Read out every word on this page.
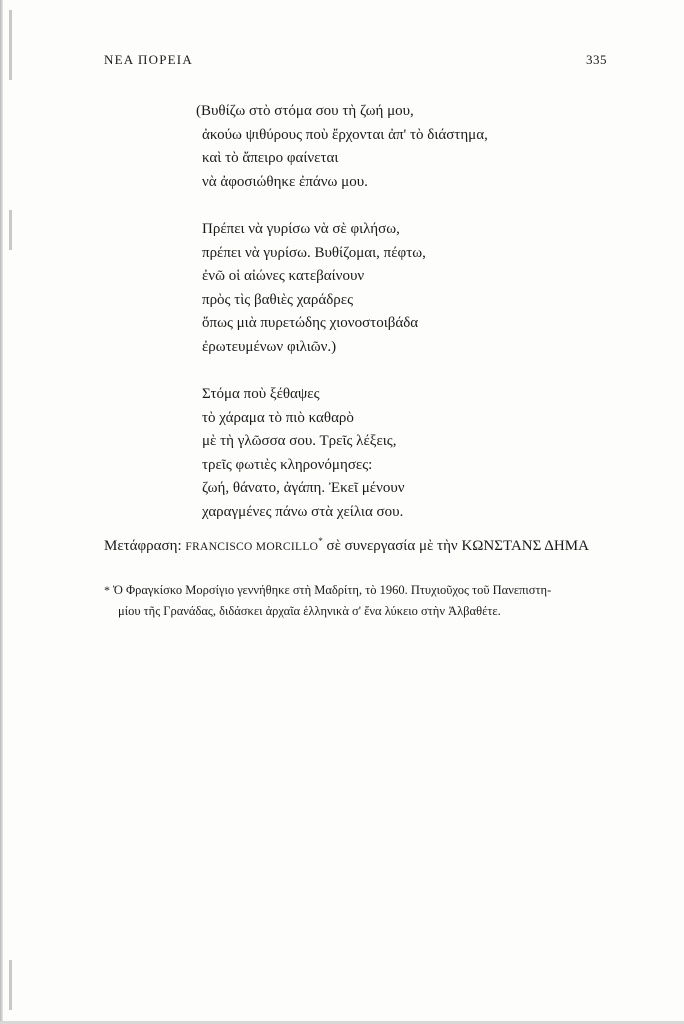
ΝΕΑ ΠΟΡΕΙΑ	335
(Βυθίζω στὸ στόμα σου τὴ ζωή μου,
ἀκούω ψιθύρους ποὺ ἔρχονται ἀπ' τὸ διάστημα,
καὶ τὸ ἄπειρο φαίνεται
νὰ ἀφοσιώθηκε ἐπάνω μου.
Πρέπει νὰ γυρίσω νὰ σὲ φιλήσω,
πρέπει νὰ γυρίσω. Βυθίζομαι, πέφτω,
ἐνῶ οἱ αἰώνες κατεβαίνουν
πρὸς τὶς βαθιὲς χαράδρες
ὅπως μιὰ πυρετώδης χιονοστοιβάδα
ἐρωτευμένων φιλιῶν.)
Στόμα ποὺ ξέθαψες
τὸ χάραμα τὸ πιὸ καθαρὸ
μὲ τὴ γλῶσσα σου. Τρεῖς λέξεις,
τρεῖς φωτιὲς κληρονόμησες:
ζωή, θάνατο, ἀγάπη. Ἐκεῖ μένουν
χαραγμένες πάνω στὰ χείλια σου.
Μετάφραση: FRANCISCO MORCILLO* σὲ συνεργασία μὲ τὴν ΚΩΝΣΤΑΝΣ ΔΗΜΑ
* Ὁ Φραγκίσκο Μορσίγιο γεννήθηκε στὴ Μαδρίτη, τὸ 1960. Πτυχιοῦχος τοῦ Πανεπιστη-
μίου τῆς Γρανάδας, διδάσκει ἀρχαῖα ἑλληνικὰ σ' ἕνα λύκειο στὴν Ἀλβαθέτε.
